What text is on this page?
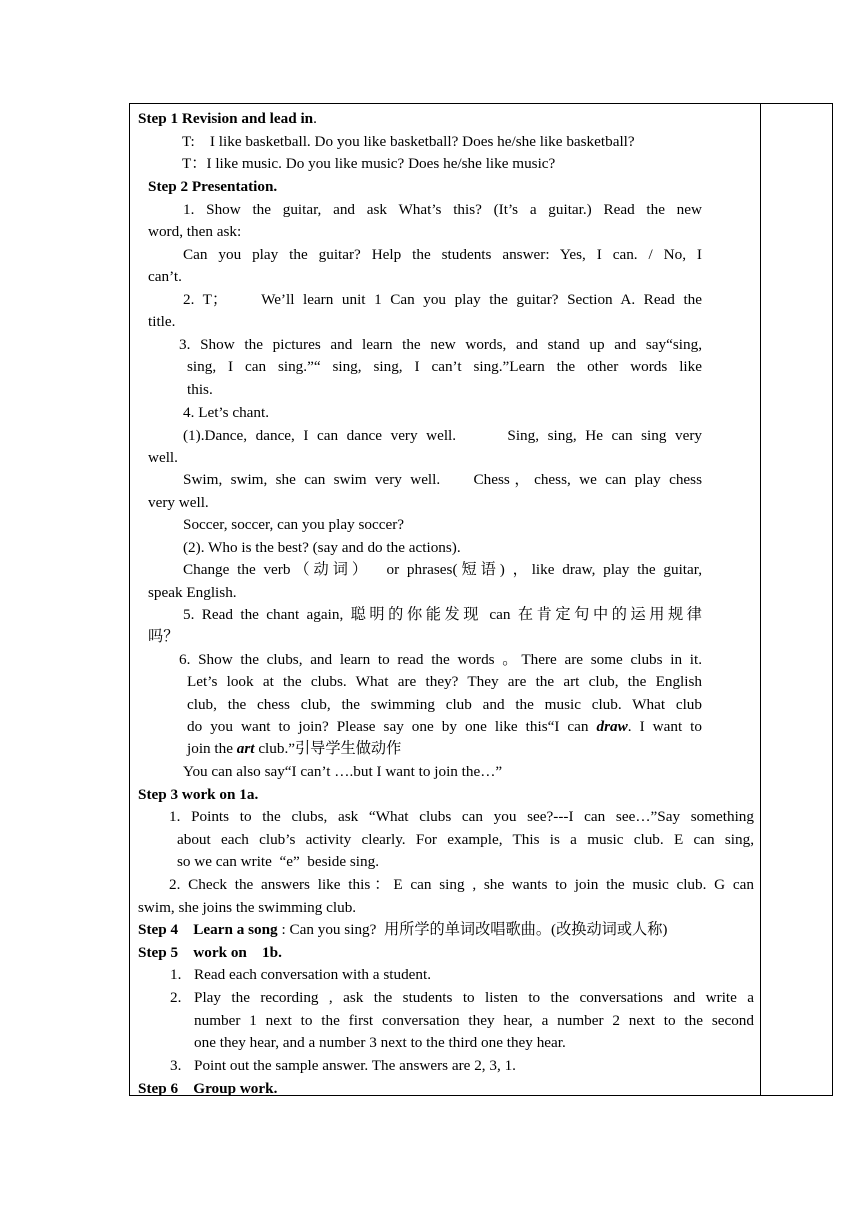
Step 1 Revision and lead in.
T:    I like basketball. Do you like basketball? Does he/she like basketball?
T：I like music. Do you like music? Does he/she like music?
Step 2 Presentation.
1. Show the guitar, and ask What’s this? (It’s a guitar.) Read the new
word, then ask:
Can you play the guitar? Help the students answer: Yes, I can. / No, I
can’t.
2. T；    We’ll learn unit 1 Can you play the guitar? Section A. Read the
title.
3. Show the pictures and learn the new words, and stand up and say“sing,
sing, I can sing.”“ sing, sing, I can’t sing.”Learn the other words like
this.
4. Let’s chant.
(1).Dance, dance, I can dance very well.      Sing, sing, He can sing very
well.
Swim, swim, she can swim very well.    Chess，chess, we can play chess
very well.
Soccer, soccer, can you play soccer?
(2). Who is the best? (say and do the actions).
Change the verb（动词）  or phrases(短语) ，like draw, play the guitar,
speak English.
5. Read the chant again, 聪明的你能发现 can 在肯定句中的运用规律
吗？
6. Show the clubs, and learn to read the words 。There are some clubs in it.
Let’s look at the clubs. What are they? They are the art club, the English
club, the chess club, the swimming club and the music club. What club
do you want to join? Please say one by one like this“I can draw. I want to
join the art club.”引导学生做动作
You can also say“I can’t ….but I want to join the…”
Step 3 work on 1a.
1. Points to the clubs, ask “What clubs can you see?---I can see…”Say something
about each club’s activity clearly. For example, This is a music club. E can sing,
so we can write  “e”  beside sing.
2. Check the answers like this：E can sing , she wants to join the music club. G can
swim, she joins the swimming club.
Step 4    Learn a song : Can you sing?  用所学的单词改唱歌曲。(改换动词或人称)
Step 5    work on    1b.
1. Read each conversation with a student.
2. Play the recording , ask the students to listen to the conversations and write a
number 1 next to the first conversation they hear, a number 2 next to the second
one they hear, and a number 3 next to the third one they hear.
3. Point out the sample answer. The answers are 2, 3, 1.
Step 6    Group work.
